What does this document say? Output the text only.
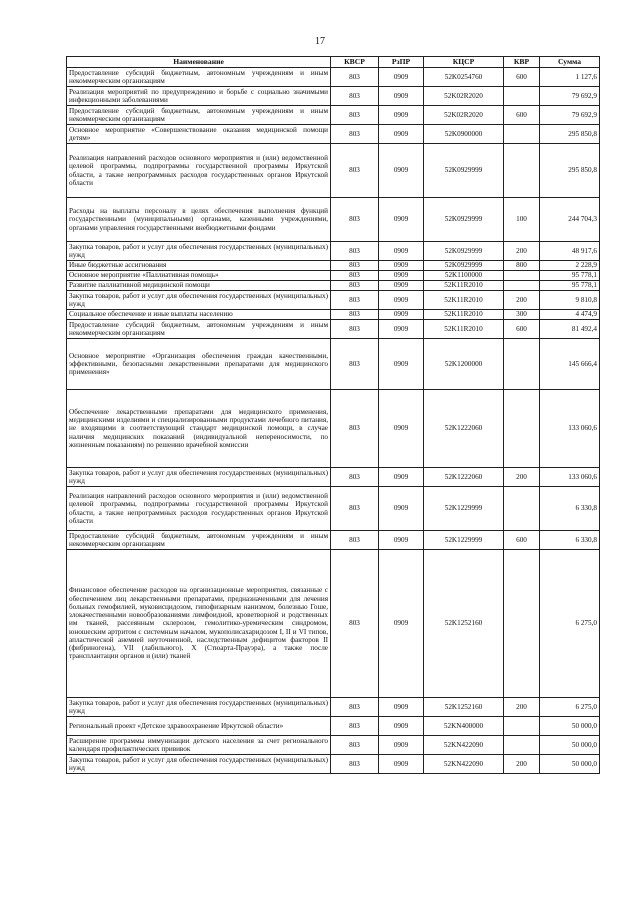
17
Наименование	КВСР	РзПР	КЦСР	КВР	Сумма
Предоставление субсидий бюджетным, автономным учреждениям и иным некоммерческим организациям	803	0909	52K0254760	600	1 127,6
Реализация мероприятий по предупреждению и борьбе с социально значимыми инфекционными заболеваниями	803	0909	52K02R2020		79 692,9
Предоставление субсидий бюджетным, автономным учреждениям и иным некоммерческим организациям	803	0909	52K02R2020	600	79 692,9
Основное мероприятие «Совершенствование оказания медицинской помощи детям»	803	0909	52K0900000		295 850,8
Реализация направлений расходов основного мероприятия и (или) ведомственной целевой программы, подпрограммы государственной программы Иркутской области, а также непрограммных расходов государственных органов Иркутской области	803	0909	52K0929999		295 850,8
Расходы на выплаты персоналу в целях обеспечения выполнения функций государственными (муниципальными) органами, казенными учреждениями, органами управления государственными внебюджетными фондами	803	0909	52K0929999	100	244 704,3
Закупка товаров, работ и услуг для обеспечения государственных (муниципальных) нужд	803	0909	52K0929999	200	48 917,6
Иные бюджетные ассигнования	803	0909	52K0929999	800	2 228,9
Основное мероприятие «Паллиативная помощь»	803	0909	52K1100000		95 778,1
Развитие паллиативной медицинской помощи	803	0909	52K11R2010		95 778,1
Закупка товаров, работ и услуг для обеспечения государственных (муниципальных) нужд	803	0909	52K11R2010	200	9 810,8
Социальное обеспечение и иные выплаты населению	803	0909	52K11R2010	300	4 474,9
Предоставление субсидий бюджетным, автономным учреждениям и иным некоммерческим организациям	803	0909	52K11R2010	600	81 492,4
Основное мероприятие «Организация обеспечения граждан качественными, эффективными, безопасными лекарственными препаратами для медицинского применения»	803	0909	52K1200000		145 666,4
Обеспечение лекарственными препаратами для медицинского применения, медицинскими изделиями и специализированными продуктами лечебного питания, не входящими в соответствующий стандарт медицинской помощи, в случае наличия медицинских показаний (индивидуальной непереносимости, по жизненным показаниям) по решению врачебной комиссии	803	0909	52K1222060		133 060,6
Закупка товаров, работ и услуг для обеспечения государственных (муниципальных) нужд	803	0909	52K1222060	200	133 060,6
Реализация направлений расходов основного мероприятия и (или) ведомственной целевой программы, подпрограммы государственной программы Иркутской области, а также непрограммных расходов государственных органов Иркутской области	803	0909	52K1229999		6 330,8
Предоставление субсидий бюджетным, автономным учреждениям и иным некоммерческим организациям	803	0909	52K1229999	600	6 330,8
Финансовое обеспечение расходов на организационные мероприятия, связанные с обеспечением лиц лекарственными препаратами, предназначенными для лечения больных гемофилией, муковисцидозом, гипофизарным нанизмом, болезнью Гоше, злокачественными новообразованиями лимфоидной, кроветворной и родственных им тканей, рассеянным склерозом, гемолитико-уремическим синдромом, юношеским артритом с системным началом, мукополисахаридозом I, II и VI типов, апластической анемией неуточненной, наследственным дефицитом факторов II (фибриногена), VII (лабильного), X (Стюарта-Прауэра), а также после трансплантации органов и (или) тканей	803	0909	52K1252160		6 275,0
Закупка товаров, работ и услуг для обеспечения государственных (муниципальных) нужд	803	0909	52K1252160	200	6 275,0
Региональный проект «Детское здравоохранение Иркутской области»	803	0909	52KN400000		50 000,0
Расширение программы иммунизации детского населения за счет регионального календаря профилактических прививок	803	0909	52KN422090		50 000,0
Закупка товаров, работ и услуг для обеспечения государственных (муниципальных) нужд	803	0909	52KN422090	200	50 000,0
